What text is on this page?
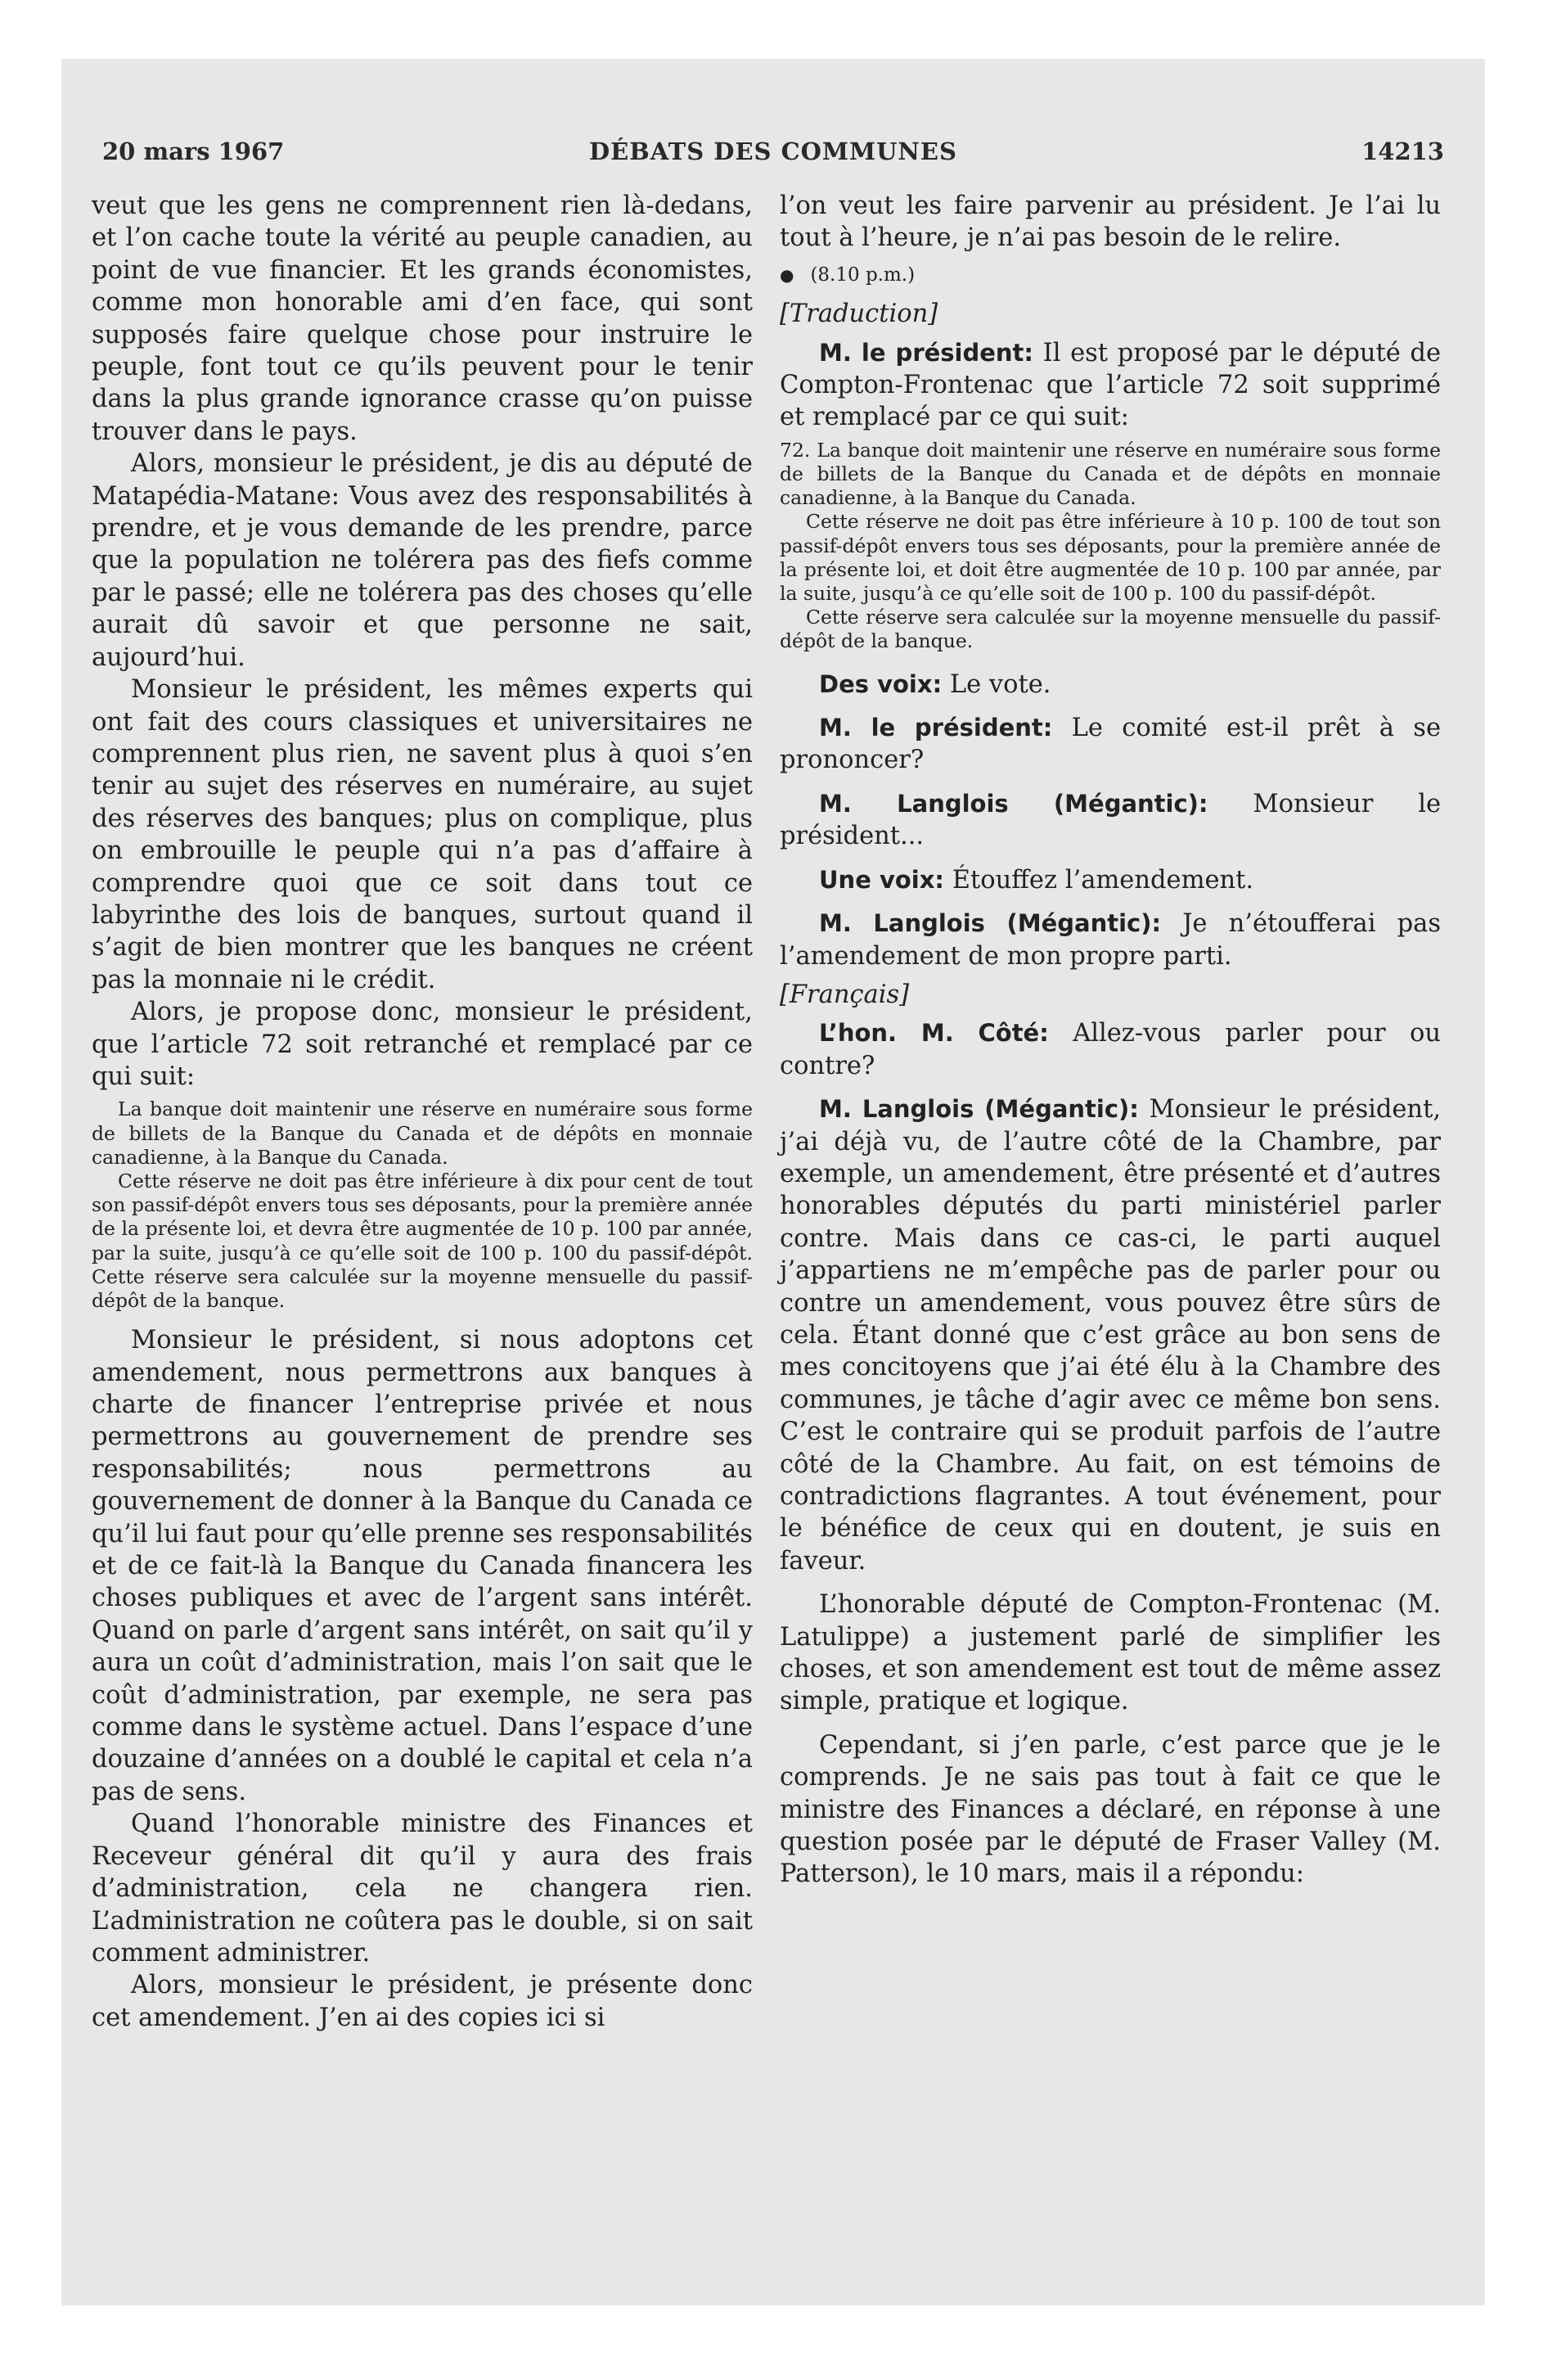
20 mars 1967	DÉBATS DES COMMUNES	14213

veut que les gens ne comprennent rien là-dedans, et l’on cache toute la vérité au peuple canadien, au point de vue financier. Et les grands économistes, comme mon honorable ami d’en face, qui sont supposés faire quelque chose pour instruire le peuple, font tout ce qu’ils peuvent pour le tenir dans la plus grande ignorance crasse qu’on puisse trouver dans le pays.

Alors, monsieur le président, je dis au député de Matapédia-Matane: Vous avez des responsabilités à prendre, et je vous demande de les prendre, parce que la population ne tolérera pas des fiefs comme par le passé; elle ne tolérera pas des choses qu’elle aurait dû savoir et que personne ne sait, aujourd’hui.

Monsieur le président, les mêmes experts qui ont fait des cours classiques et universitaires ne comprennent plus rien, ne savent plus à quoi s’en tenir au sujet des réserves en numéraire, au sujet des réserves des banques; plus on complique, plus on embrouille le peuple qui n’a pas d’affaire à comprendre quoi que ce soit dans tout ce labyrinthe des lois de banques, surtout quand il s’agit de bien montrer que les banques ne créent pas la monnaie ni le crédit.

Alors, je propose donc, monsieur le président, que l’article 72 soit retranché et remplacé par ce qui suit:

La banque doit maintenir une réserve en numéraire sous forme de billets de la Banque du Canada et de dépôts en monnaie canadienne, à la Banque du Canada.

Cette réserve ne doit pas être inférieure à dix pour cent de tout son passif-dépôt envers tous ses déposants, pour la première année de la présente loi, et devra être augmentée de 10 p. 100 par année, par la suite, jusqu’à ce qu’elle soit de 100 p. 100 du passif-dépôt. Cette réserve sera calculée sur la moyenne mensuelle du passif-dépôt de la banque.

Monsieur le président, si nous adoptons cet amendement, nous permettrons aux banques à charte de financer l’entreprise privée et nous permettrons au gouvernement de prendre ses responsabilités; nous permettrons au gouvernement de donner à la Banque du Canada ce qu’il lui faut pour qu’elle prenne ses responsabilités et de ce fait-là la Banque du Canada financera les choses publiques et avec de l’argent sans intérêt. Quand on parle d’argent sans intérêt, on sait qu’il y aura un coût d’administration, mais l’on sait que le coût d’administration, par exemple, ne sera pas comme dans le système actuel. Dans l’espace d’une douzaine d’années on a doublé le capital et cela n’a pas de sens.

Quand l’honorable ministre des Finances et Receveur général dit qu’il y aura des frais d’administration, cela ne changera rien. L’administration ne coûtera pas le double, si on sait comment administrer.

Alors, monsieur le président, je présente donc cet amendement. J’en ai des copies ici si

l’on veut les faire parvenir au président. Je l’ai lu tout à l’heure, je n’ai pas besoin de le relire.

● (8.10 p.m.)

[Traduction]

M. le président: Il est proposé par le député de Compton-Frontenac que l’article 72 soit supprimé et remplacé par ce qui suit:

72. La banque doit maintenir une réserve en numéraire sous forme de billets de la Banque du Canada et de dépôts en monnaie canadienne, à la Banque du Canada.

Cette réserve ne doit pas être inférieure à 10 p. 100 de tout son passif-dépôt envers tous ses déposants, pour la première année de la présente loi, et doit être augmentée de 10 p. 100 par année, par la suite, jusqu’à ce qu’elle soit de 100 p. 100 du passif-dépôt.

Cette réserve sera calculée sur la moyenne mensuelle du passif-dépôt de la banque.

Des voix: Le vote.

M. le président: Le comité est-il prêt à se prononcer?

M. Langlois (Mégantic): Monsieur le président...

Une voix: Étouffez l’amendement.

M. Langlois (Mégantic): Je n’étoufferai pas l’amendement de mon propre parti.

[Français]

L’hon. M. Côté: Allez-vous parler pour ou contre?

M. Langlois (Mégantic): Monsieur le président, j’ai déjà vu, de l’autre côté de la Chambre, par exemple, un amendement, être présenté et d’autres honorables députés du parti ministériel parler contre. Mais dans ce cas-ci, le parti auquel j’appartiens ne m’empêche pas de parler pour ou contre un amendement, vous pouvez être sûrs de cela. Étant donné que c’est grâce au bon sens de mes concitoyens que j’ai été élu à la Chambre des communes, je tâche d’agir avec ce même bon sens. C’est le contraire qui se produit parfois de l’autre côté de la Chambre. Au fait, on est témoins de contradictions flagrantes. A tout événement, pour le bénéfice de ceux qui en doutent, je suis en faveur.

L’honorable député de Compton-Frontenac (M. Latulippe) a justement parlé de simplifier les choses, et son amendement est tout de même assez simple, pratique et logique.

Cependant, si j’en parle, c’est parce que je le comprends. Je ne sais pas tout à fait ce que le ministre des Finances a déclaré, en réponse à une question posée par le député de Fraser Valley (M. Patterson), le 10 mars, mais il a répondu:
